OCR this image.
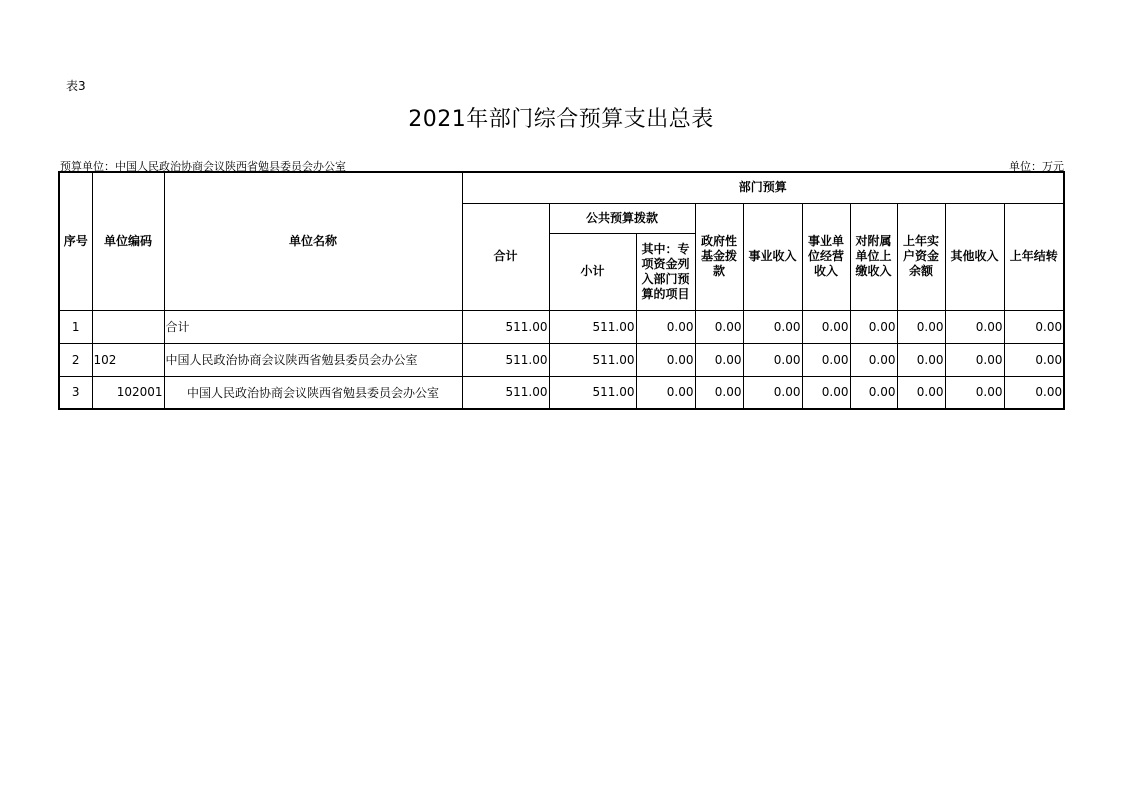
表3
2021年部门综合预算支出总表
预算单位：中国人民政治协商会议陕西省勉县委员会办公室	单位：万元
序号	单位编码	单位名称	部门预算									
			合计	公共预算拨款		政府性基金拨款	事业收入	事业单位经营收入	对附属单位上缴收入	上年实户资金余额	其他收入	上年结转
				小计	其中：专项资金列入部门预算的项目							
1		合计	511.00	511.00	0.00	0.00	0.00	0.00	0.00	0.00	0.00	0.00
2	102	中国人民政治协商会议陕西省勉县委员会办公室	511.00	511.00	0.00	0.00	0.00	0.00	0.00	0.00	0.00	0.00
3	102001	中国人民政治协商会议陕西省勉县委员会办公室	511.00	511.00	0.00	0.00	0.00	0.00	0.00	0.00	0.00	0.00
